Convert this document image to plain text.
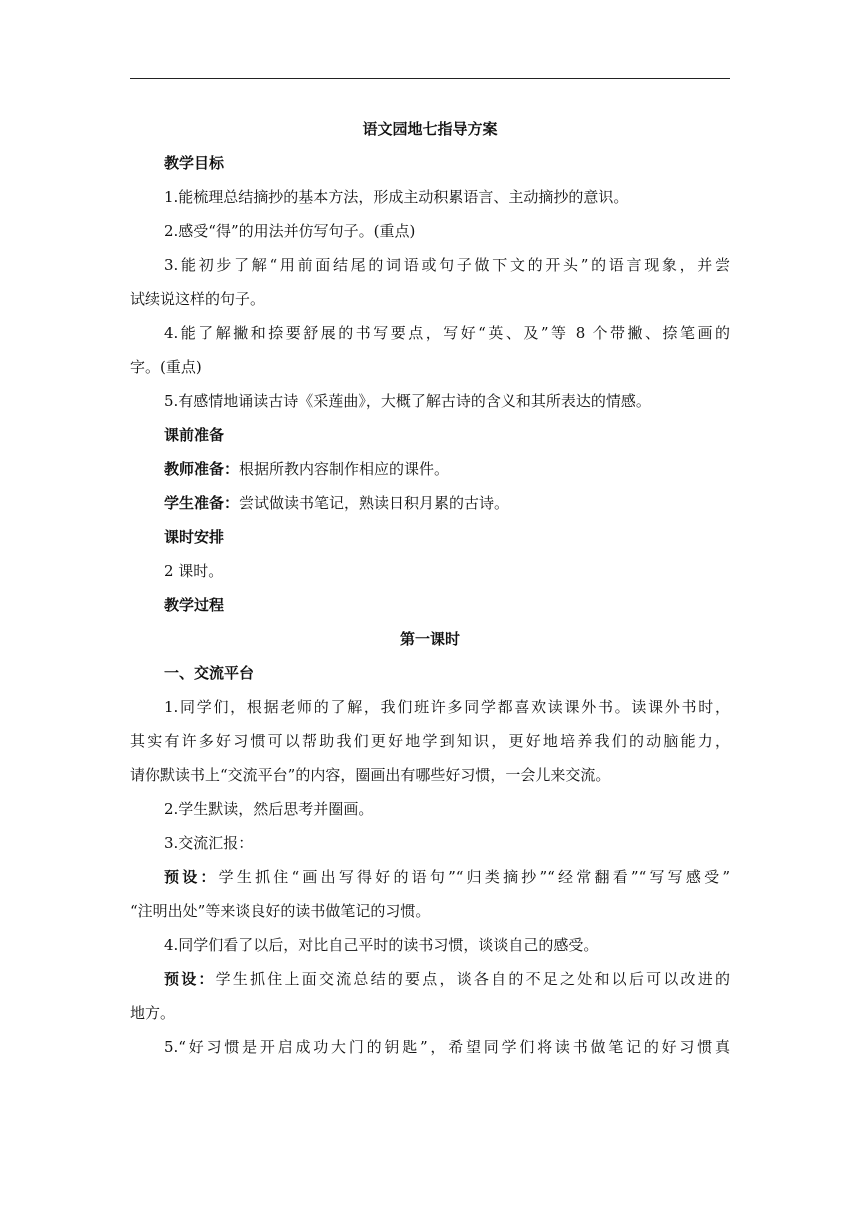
语文园地七指导方案
教学目标
1.能梳理总结摘抄的基本方法，形成主动积累语言、主动摘抄的意识。
2.感受“得”的用法并仿写句子。(重点)
3.能初步了解“用前面结尾的词语或句子做下文的开头”的语言现象，并尝
试续说这样的句子。
4.能了解撇和捺要舒展的书写要点，写好“英、及”等 8 个带撇、捺笔画的
字。(重点)
5.有感情地诵读古诗《采莲曲》，大概了解古诗的含义和其所表达的情感。
课前准备
教师准备：根据所教内容制作相应的课件。
学生准备：尝试做读书笔记，熟读日积月累的古诗。
课时安排
2 课时。
教学过程
第一课时
一、交流平台
1.同学们，根据老师的了解，我们班许多同学都喜欢读课外书。读课外书时，
其实有许多好习惯可以帮助我们更好地学到知识，更好地培养我们的动脑能力，
请你默读书上“交流平台”的内容，圈画出有哪些好习惯，一会儿来交流。
2.学生默读，然后思考并圈画。
3.交流汇报：
预设：学生抓住“画出写得好的语句”“归类摘抄”“经常翻看”“写写感受”
“注明出处”等来谈良好的读书做笔记的习惯。
4.同学们看了以后，对比自己平时的读书习惯，谈谈自己的感受。
预设：学生抓住上面交流总结的要点，谈各自的不足之处和以后可以改进的
地方。
5.“好习惯是开启成功大门的钥匙”，希望同学们将读书做笔记的好习惯真
